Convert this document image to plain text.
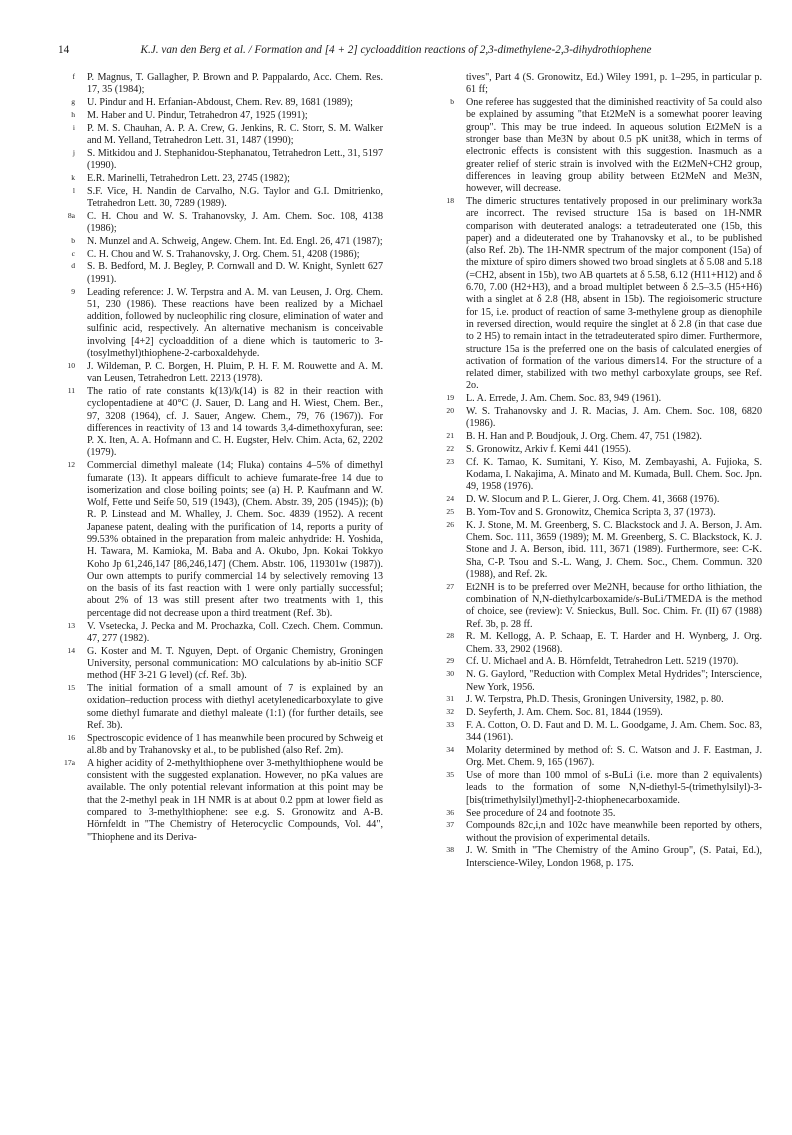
14	K.J. van den Berg et al. / Formation and [4 + 2] cycloaddition reactions of 2,3-dimethylene-2,3-dihydrothiophene
f P. Magnus, T. Gallagher, P. Brown and P. Pappalardo, Acc. Chem. Res. 17, 35 (1984);
g U. Pindur and H. Erfanian-Abdoust, Chem. Rev. 89, 1681 (1989);
h M. Haber and U. Pindur, Tetrahedron 47, 1925 (1991);
i P. M. S. Chauhan, A. P. A. Crew, G. Jenkins, R. C. Storr, S. M. Walker and M. Yelland, Tetrahedron Lett. 31, 1487 (1990);
j S. Mitkidou and J. Stephanidou-Stephanatou, Tetrahedron Lett., 31, 5197 (1990).
k E.R. Marinelli, Tetrahedron Lett. 23, 2745 (1982);
l S.F. Vice, H. Nandin de Carvalho, N.G. Taylor and G.I. Dmitrienko, Tetrahedron Lett. 30, 7289 (1989).
8a C. H. Chou and W. S. Trahanovsky, J. Am. Chem. Soc. 108, 4138 (1986);
b N. Munzel and A. Schweig, Angew. Chem. Int. Ed. Engl. 26, 471 (1987);
c C. H. Chou and W. S. Trahanovsky, J. Org. Chem. 51, 4208 (1986);
d S. B. Bedford, M. J. Begley, P. Cornwall and D. W. Knight, Synlett 627 (1991).
9 Leading reference: J. W. Terpstra and A. M. van Leusen, J. Org. Chem. 51, 230 (1986). These reactions have been realized by a Michael addition, followed by nucleophilic ring closure, elimination of water and sulfinic acid, respectively. An alternative mechanism is conceivable involving [4+2] cycloaddition of a diene which is tautomeric to 3-(tosylmethyl)thiophene-2-carboxaldehyde.
10 J. Wildeman, P. C. Borgen, H. Pluim, P. H. F. M. Rouwette and A. M. van Leusen, Tetrahedron Lett. 2213 (1978).
11 The ratio of rate constants k(13)/k(14) is 82 in their reaction with cyclopentadiene at 40°C (J. Sauer, D. Lang and H. Wiest, Chem. Ber., 97, 3208 (1964), cf. J. Sauer, Angew. Chem., 79, 76 (1967)). For differences in reactivity of 13 and 14 towards 3,4-dimethoxyfuran, see: P. X. Iten, A. A. Hofmann and C. H. Eugster, Helv. Chim. Acta, 62, 2202 (1979).
12 Commercial dimethyl maleate (14; Fluka) contains 4–5% of dimethyl fumarate (13). It appears difficult to achieve fumarate-free 14 due to isomerization and close boiling points; see (a) H. P. Kaufmann and W. Wolf, Fette und Seife 50, 519 (1943), (Chem. Abstr. 39, 205 (1945)); (b) R. P. Linstead and M. Whalley, J. Chem. Soc. 4839 (1952). A recent Japanese patent, dealing with the purification of 14, reports a purity of 99.53% obtained in the preparation from maleic anhydride: H. Yoshida, H. Tawara, M. Kamioka, M. Baba and A. Okubo, Jpn. Kokai Tokkyo Koho Jp 61,246,147 [86,246,147] (Chem. Abstr. 106, 119301w (1987)). Our own attempts to purify commercial 14 by selectively removing 13 on the basis of its fast reaction with 1 were only partially successful; about 2% of 13 was still present after two treatments with 1, this percentage did not decrease upon a third treatment (Ref. 3b).
13 V. Vsetecka, J. Pecka and M. Prochazka, Coll. Czech. Chem. Commun. 47, 277 (1982).
14 G. Koster and M. T. Nguyen, Dept. of Organic Chemistry, Groningen University, personal communication: MO calculations by ab-initio SCF method (HF 3-21 G level) (cf. Ref. 3b).
15 The initial formation of a small amount of 7 is explained by an oxidation–reduction process with diethyl acetylenedicarboxylate to give some diethyl fumarate and diethyl maleate (1:1) (for further details, see Ref. 3b).
16 Spectroscopic evidence of 1 has meanwhile been procured by Schweig et al.8b and by Trahanovsky et al., to be published (also Ref. 2m).
17a A higher acidity of 2-methylthiophene over 3-methylthiophene would be consistent with the suggested explanation. However, no pKa values are available. The only potential relevant information at this point may be that the 2-methyl peak in 1H NMR is at about 0.2 ppm at lower field as compared to 3-methylthiophene: see e.g. S. Gronowitz and A-B. Hörnfeldt in "The Chemistry of Heterocyclic Compounds, Vol. 44", "Thiophene and its Deriva-
tives", Part 4 (S. Gronowitz, Ed.) Wiley 1991, p. 1–295, in particular p. 61 ff;
b One referee has suggested that the diminished reactivity of 5a could also be explained by assuming "that Et2MeN is a somewhat poorer leaving group". This may be true indeed. In aqueous solution Et2MeN is a stronger base than Me3N by about 0.5 pK unit38, which in terms of electronic effects is consistent with this suggestion. Inasmuch as a greater relief of steric strain is involved with the Et2MeN+CH2 group, differences in leaving group ability between Et2MeN and Me3N, however, will decrease.
18 The dimeric structures tentatively proposed in our preliminary work3a are incorrect. The revised structure 15a is based on 1H-NMR comparison with deuterated analogs: a tetradeuterated one (15b, this paper) and a dideuterated one by Trahanovsky et al., to be published (also Ref. 2b). The 1H-NMR spectrum of the major component (15a) of the mixture of spiro dimers showed two broad singlets at δ 5.08 and 5.18 (=CH2, absent in 15b), two AB quartets at δ 5.58, 6.12 (H11+H12) and δ 6.70, 7.00 (H2+H3), and a broad multiplet between δ 2.5–3.5 (H5+H6) with a singlet at δ 2.8 (H8, absent in 15b). The regioisomeric structure for 15, i.e. product of reaction of same 3-methylene group as dienophile in reversed direction, would require the singlet at δ 2.8 (in that case due to 2 H5) to remain intact in the tetradeuterated spiro dimer. Furthermore, structure 15a is the preferred one on the basis of calculated energies of activation of formation of the various dimers14. For the structure of a related dimer, stabilized with two methyl carboxylate groups, see Ref. 2o.
19 L. A. Errede, J. Am. Chem. Soc. 83, 949 (1961).
20 W. S. Trahanovsky and J. R. Macias, J. Am. Chem. Soc. 108, 6820 (1986).
21 B. H. Han and P. Boudjouk, J. Org. Chem. 47, 751 (1982).
22 S. Gronowitz, Arkiv f. Kemi 441 (1955).
23 Cf. K. Tamao, K. Sumitani, Y. Kiso, M. Zembayashi, A. Fujioka, S. Kodama, I. Nakajima, A. Minato and M. Kumada, Bull. Chem. Soc. Jpn. 49, 1958 (1976).
24 D. W. Slocum and P. L. Gierer, J. Org. Chem. 41, 3668 (1976).
25 B. Yom-Tov and S. Gronowitz, Chemica Scripta 3, 37 (1973).
26 K. J. Stone, M. M. Greenberg, S. C. Blackstock and J. A. Berson, J. Am. Chem. Soc. 111, 3659 (1989); M. M. Greenberg, S. C. Blackstock, K. J. Stone and J. A. Berson, ibid. 111, 3671 (1989). Furthermore, see: C-K. Sha, C-P. Tsou and S.-L. Wang, J. Chem. Soc., Chem. Commun. 320 (1988), and Ref. 2k.
27 Et2NH is to be preferred over Me2NH, because for ortho lithiation, the combination of N,N-diethylcarboxamide/s-BuLi/TMEDA is the method of choice, see (review): V. Snieckus, Bull. Soc. Chim. Fr. (II) 67 (1988) Ref. 3b, p. 28 ff.
28 R. M. Kellogg, A. P. Schaap, E. T. Harder and H. Wynberg, J. Org. Chem. 33, 2902 (1968).
29 Cf. U. Michael and A. B. Hörnfeldt, Tetrahedron Lett. 5219 (1970).
30 N. G. Gaylord, "Reduction with Complex Metal Hydrides"; Interscience, New York, 1956.
31 J. W. Terpstra, Ph.D. Thesis, Groningen University, 1982, p. 80.
32 D. Seyferth, J. Am. Chem. Soc. 81, 1844 (1959).
33 F. A. Cotton, O. D. Faut and D. M. L. Goodgame, J. Am. Chem. Soc. 83, 344 (1961).
34 Molarity determined by method of: S. C. Watson and J. F. Eastman, J. Org. Met. Chem. 9, 165 (1967).
35 Use of more than 100 mmol of s-BuLi (i.e. more than 2 equivalents) leads to the formation of some N,N-diethyl-5-(trimethylsilyl)-3-[bis(trimethylsilyl)methyl]-2-thiophenecarboxamide.
36 See procedure of 24 and footnote 35.
37 Compounds 82c,i,n and 102c have meanwhile been reported by others, without the provision of experimental details.
38 J. W. Smith in "The Chemistry of the Amino Group", (S. Patai, Ed.), Interscience-Wiley, London 1968, p. 175.
